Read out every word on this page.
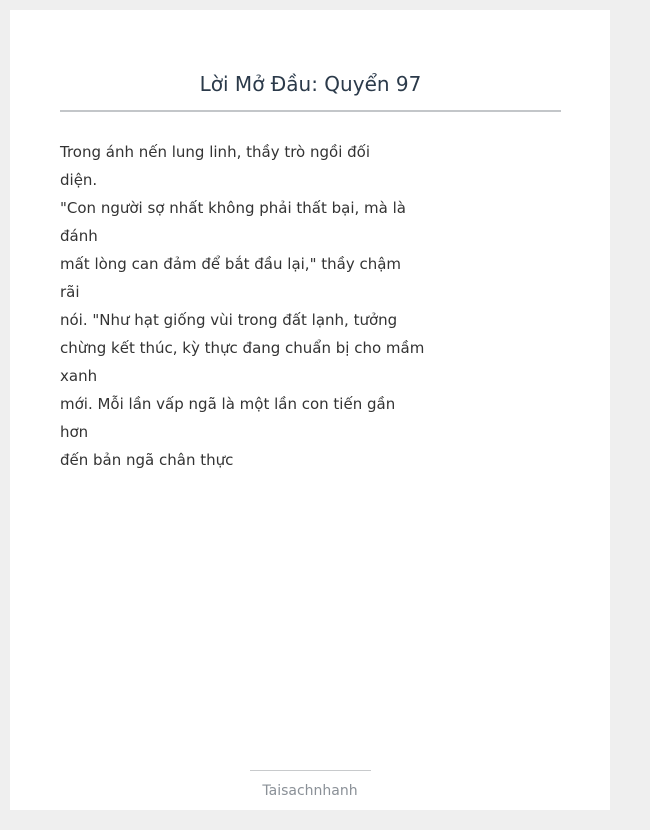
Lời Mở Đầu: Quyển 97
Trong ánh nến lung linh, thầy trò ngồi đối
diện.
"Con người sợ nhất không phải thất bại, mà là
đánh
mất lòng can đảm để bắt đầu lại," thầy chậm
rãi
nói. "Như hạt giống vùi trong đất lạnh, tưởng
chừng kết thúc, kỳ thực đang chuẩn bị cho mầm
xanh
mới. Mỗi lần vấp ngã là một lần con tiến gần
hơn
đến bản ngã chân thực
Taisachnhanh
